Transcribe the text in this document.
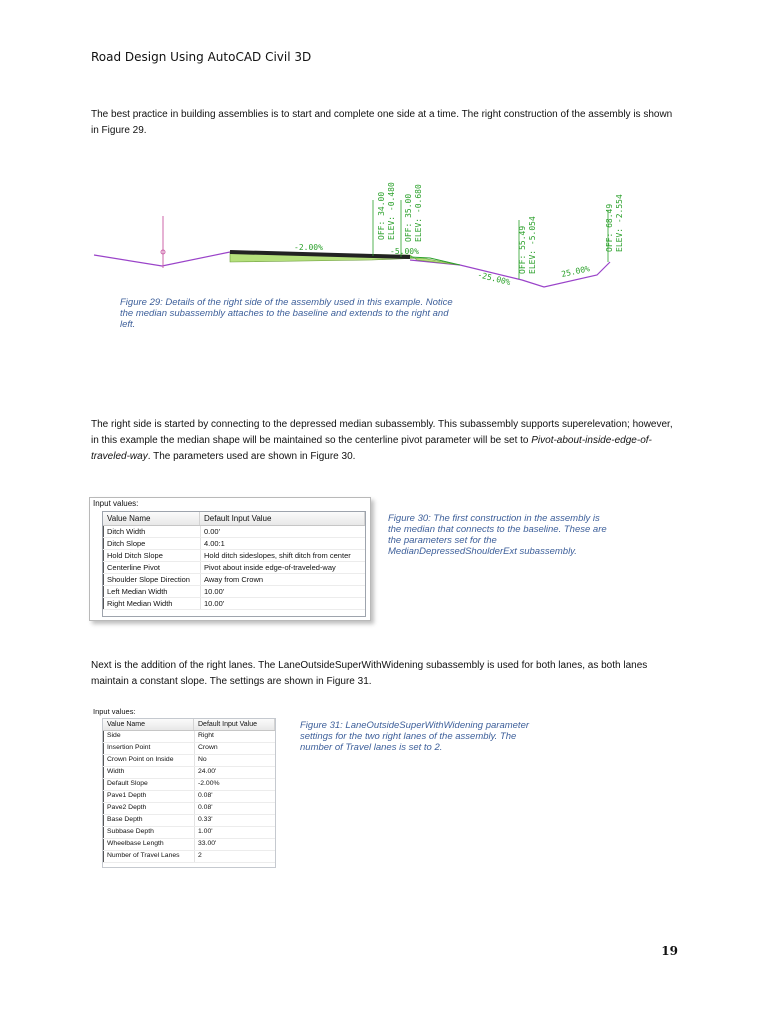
Road Design Using AutoCAD Civil 3D
The best practice in building assemblies is to start and complete one side at a time. The right construction of the assembly is shown in Figure 29.
OFF: 34.00 ELEV: -0.480 OFF: 35.00 ELEV: -0.680
OFF: 55.49 ELEV: -5.054	OFF: 68.49 ELEV: -2.554
-2.00%	-5.00%
-25.00%	25.00%
Figure 29: Details of the right side of the assembly used in this example. Notice the median subassembly attaches to the baseline and extends to the right and left.
The right side is started by connecting to the depressed median subassembly. This subassembly supports superelevation; however, in this example the median shape will be maintained so the centerline pivot parameter will be set to Pivot-about-inside-edge-of-traveled-way. The parameters used are shown in Figure 30.
Input values:
Value Name	Default Input Value
Ditch Width	0.00'
Ditch Slope	4.00:1
Hold Ditch Slope	Hold ditch sideslopes, shift ditch from center
Centerline Pivot	Pivot about inside edge-of-traveled-way
Shoulder Slope Direction	Away from Crown
Left Median Width	10.00'
Right Median Width	10.00'
Figure 30: The first construction in the assembly is the median that connects to the baseline. These are the parameters set for the MedianDepressedShoulderExt subassembly.
Next is the addition of the right lanes. The LaneOutsideSuperWithWidening subassembly is used for both lanes, as both lanes maintain a constant slope. The settings are shown in Figure 31.
Input values:
Value Name	Default Input Value
Side	Right
Insertion Point	Crown
Crown Point on Inside	No
Width	24.00'
Default Slope	-2.00%
Pave1 Depth	0.08'
Pave2 Depth	0.08'
Base Depth	0.33'
Subbase Depth	1.00'
Wheelbase Length	33.00'
Number of Travel Lanes	2
Figure 31: LaneOutsideSuperWithWidening parameter settings for the two right lanes of the assembly. The number of Travel lanes is set to 2.
19
